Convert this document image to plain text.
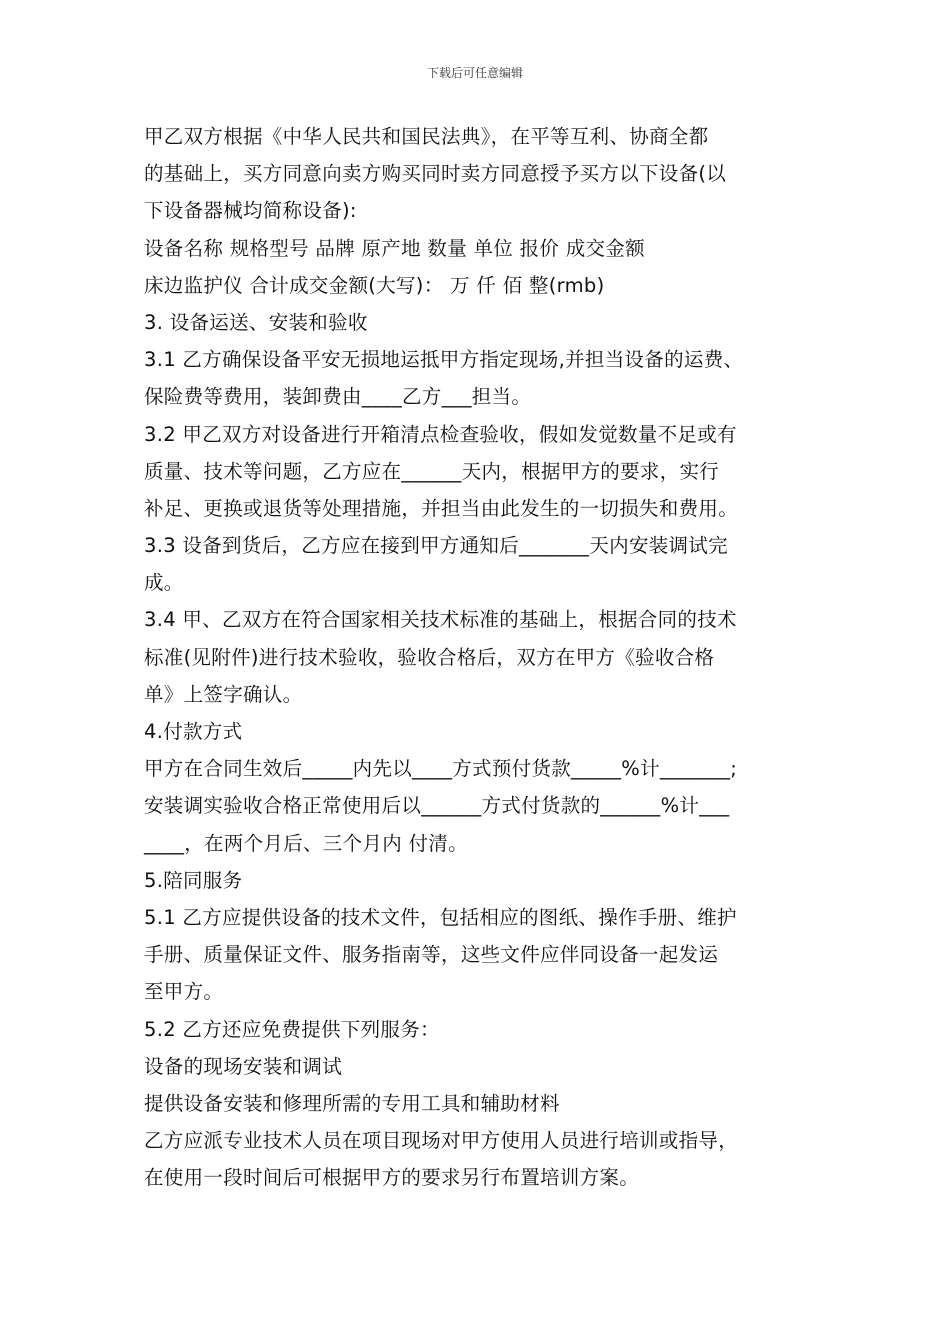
下载后可任意编辑
甲乙双方根据《中华人民共和国民法典》，在平等互利、协商全都
的基础上，买方同意向卖方购买同时卖方同意授予买方以下设备(以
下设备器械均简称设备):
设备名称 规格型号 品牌 原产地 数量 单位 报价 成交金额
床边监护仪 合计成交金额(大写)： 万 仟 佰 整(rmb)
3. 设备运送、安装和验收
3.1 乙方确保设备平安无损地运抵甲方指定现场,并担当设备的运费、
保险费等费用，装卸费由____乙方___担当。
3.2 甲乙双方对设备进行开箱清点检查验收，假如发觉数量不足或有
质量、技术等问题，乙方应在______天内，根据甲方的要求，实行
补足、更换或退货等处理措施，并担当由此发生的一切损失和费用。
3.3 设备到货后，乙方应在接到甲方通知后_______天内安装调试完
成。
3.4 甲、乙双方在符合国家相关技术标准的基础上，根据合同的技术
标准(见附件)进行技术验收，验收合格后，双方在甲方《验收合格
单》上签字确认。
4.付款方式
甲方在合同生效后_____内先以____方式预付货款_____%计_______;
安装调实验收合格正常使用后以______方式付货款的______%计___
____，在两个月后、三个月内 付清。
5.陪同服务
5.1 乙方应提供设备的技术文件，包括相应的图纸、操作手册、维护
手册、质量保证文件、服务指南等，这些文件应伴同设备一起发运
至甲方。
5.2 乙方还应免费提供下列服务：
设备的现场安装和调试
提供设备安装和修理所需的专用工具和辅助材料
乙方应派专业技术人员在项目现场对甲方使用人员进行培训或指导，
在使用一段时间后可根据甲方的要求另行布置培训方案。
